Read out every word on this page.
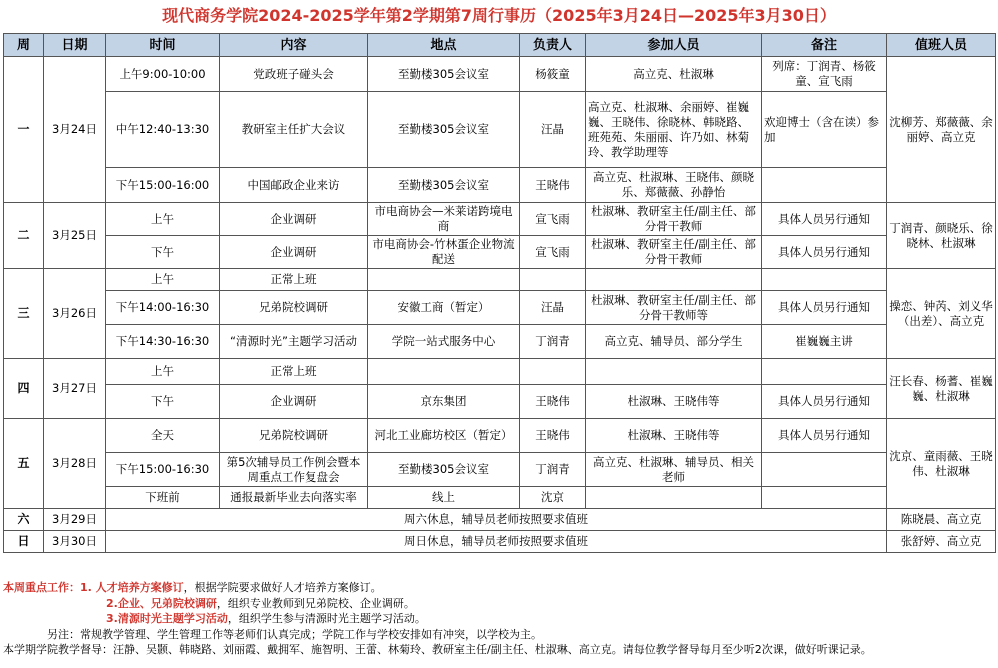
现代商务学院2024-2025学年第2学期第7周行事历（2025年3月24日—2025年3月30日）
周	日期	时间	内容	地点	负责人	参加人员	备注	值班人员
一	3月24日	上午9:00-10:00	党政班子碰头会	至勤楼305会议室	杨筱童	高立克、杜淑琳	列席：丁润青、杨筱童、宣飞雨	沈柳芳、郑薇薇、余丽婷、高立克
		中午12:40-13:30	教研室主任扩大会议	至勤楼305会议室	汪晶	高立克、杜淑琳、余丽婷、崔巍巍、王晓伟、徐晓林、韩晓路、班苑苑、朱丽丽、许乃如、林菊玲、教学助理等	欢迎博士（含在读）参加	
		下午15:00-16:00	中国邮政企业来访	至勤楼305会议室	王晓伟	高立克、杜淑琳、王晓伟、颜晓乐、郑薇薇、孙静怡		
二	3月25日	上午	企业调研	市电商协会—米莱诺跨境电商	宣飞雨	杜淑琳、教研室主任/副主任、部分骨干教师	具体人员另行通知	丁润青、颜晓乐、徐晓林、杜淑琳
		下午	企业调研	市电商协会-竹林蛋企业物流配送	宣飞雨	杜淑琳、教研室主任/副主任、部分骨干教师	具体人员另行通知	
三	3月26日	上午	正常上班					操恋、钟芮、刘义华（出差）、高立克
		下午14:00-16:30	兄弟院校调研	安徽工商（暂定）	汪晶	杜淑琳、教研室主任/副主任、部分骨干教师等	具体人员另行通知	
		下午14:30-16:30	“清源时光”主题学习活动	学院一站式服务中心	丁润青	高立克、辅导员、部分学生	崔巍巍主讲	
四	3月27日	上午	正常上班					汪长春、杨蓍、崔巍巍、杜淑琳
		下午	企业调研	京东集团	王晓伟	杜淑琳、王晓伟等	具体人员另行通知	
五	3月28日	全天	兄弟院校调研	河北工业廊坊校区（暂定）	王晓伟	杜淑琳、王晓伟等	具体人员另行通知	沈京、童雨薇、王晓伟、杜淑琳
		下午15:00-16:30	第5次辅导员工作例会暨本周重点工作复盘会	至勤楼305会议室	丁润青	高立克、杜淑琳、辅导员、相关老师		
		下班前	通报最新毕业去向落实率	线上	沈京			
六	3月29日	周六休息，辅导员老师按照要求值班						陈晓晨、高立克
日	3月30日	周日休息，辅导员老师按照要求值班						张舒婷、高立克
本周重点工作：1. 人才培养方案修订，根据学院要求做好人才培养方案修订。
2.企业、兄弟院校调研，组织专业教师到兄弟院校、企业调研。
3.清源时光主题学习活动，组织学生参与清源时光主题学习活动。
另注：常规教学管理、学生管理工作等老师们认真完成；学院工作与学校安排如有冲突，以学校为主。
本学期学院教学督导：汪静、吴颢、韩晓路、刘丽霞、戴拥军、施智明、王蕾、林菊玲、教研室主任/副主任、杜淑琳、高立克。请每位教学督导每月至少听2次课，做好听课记录。
